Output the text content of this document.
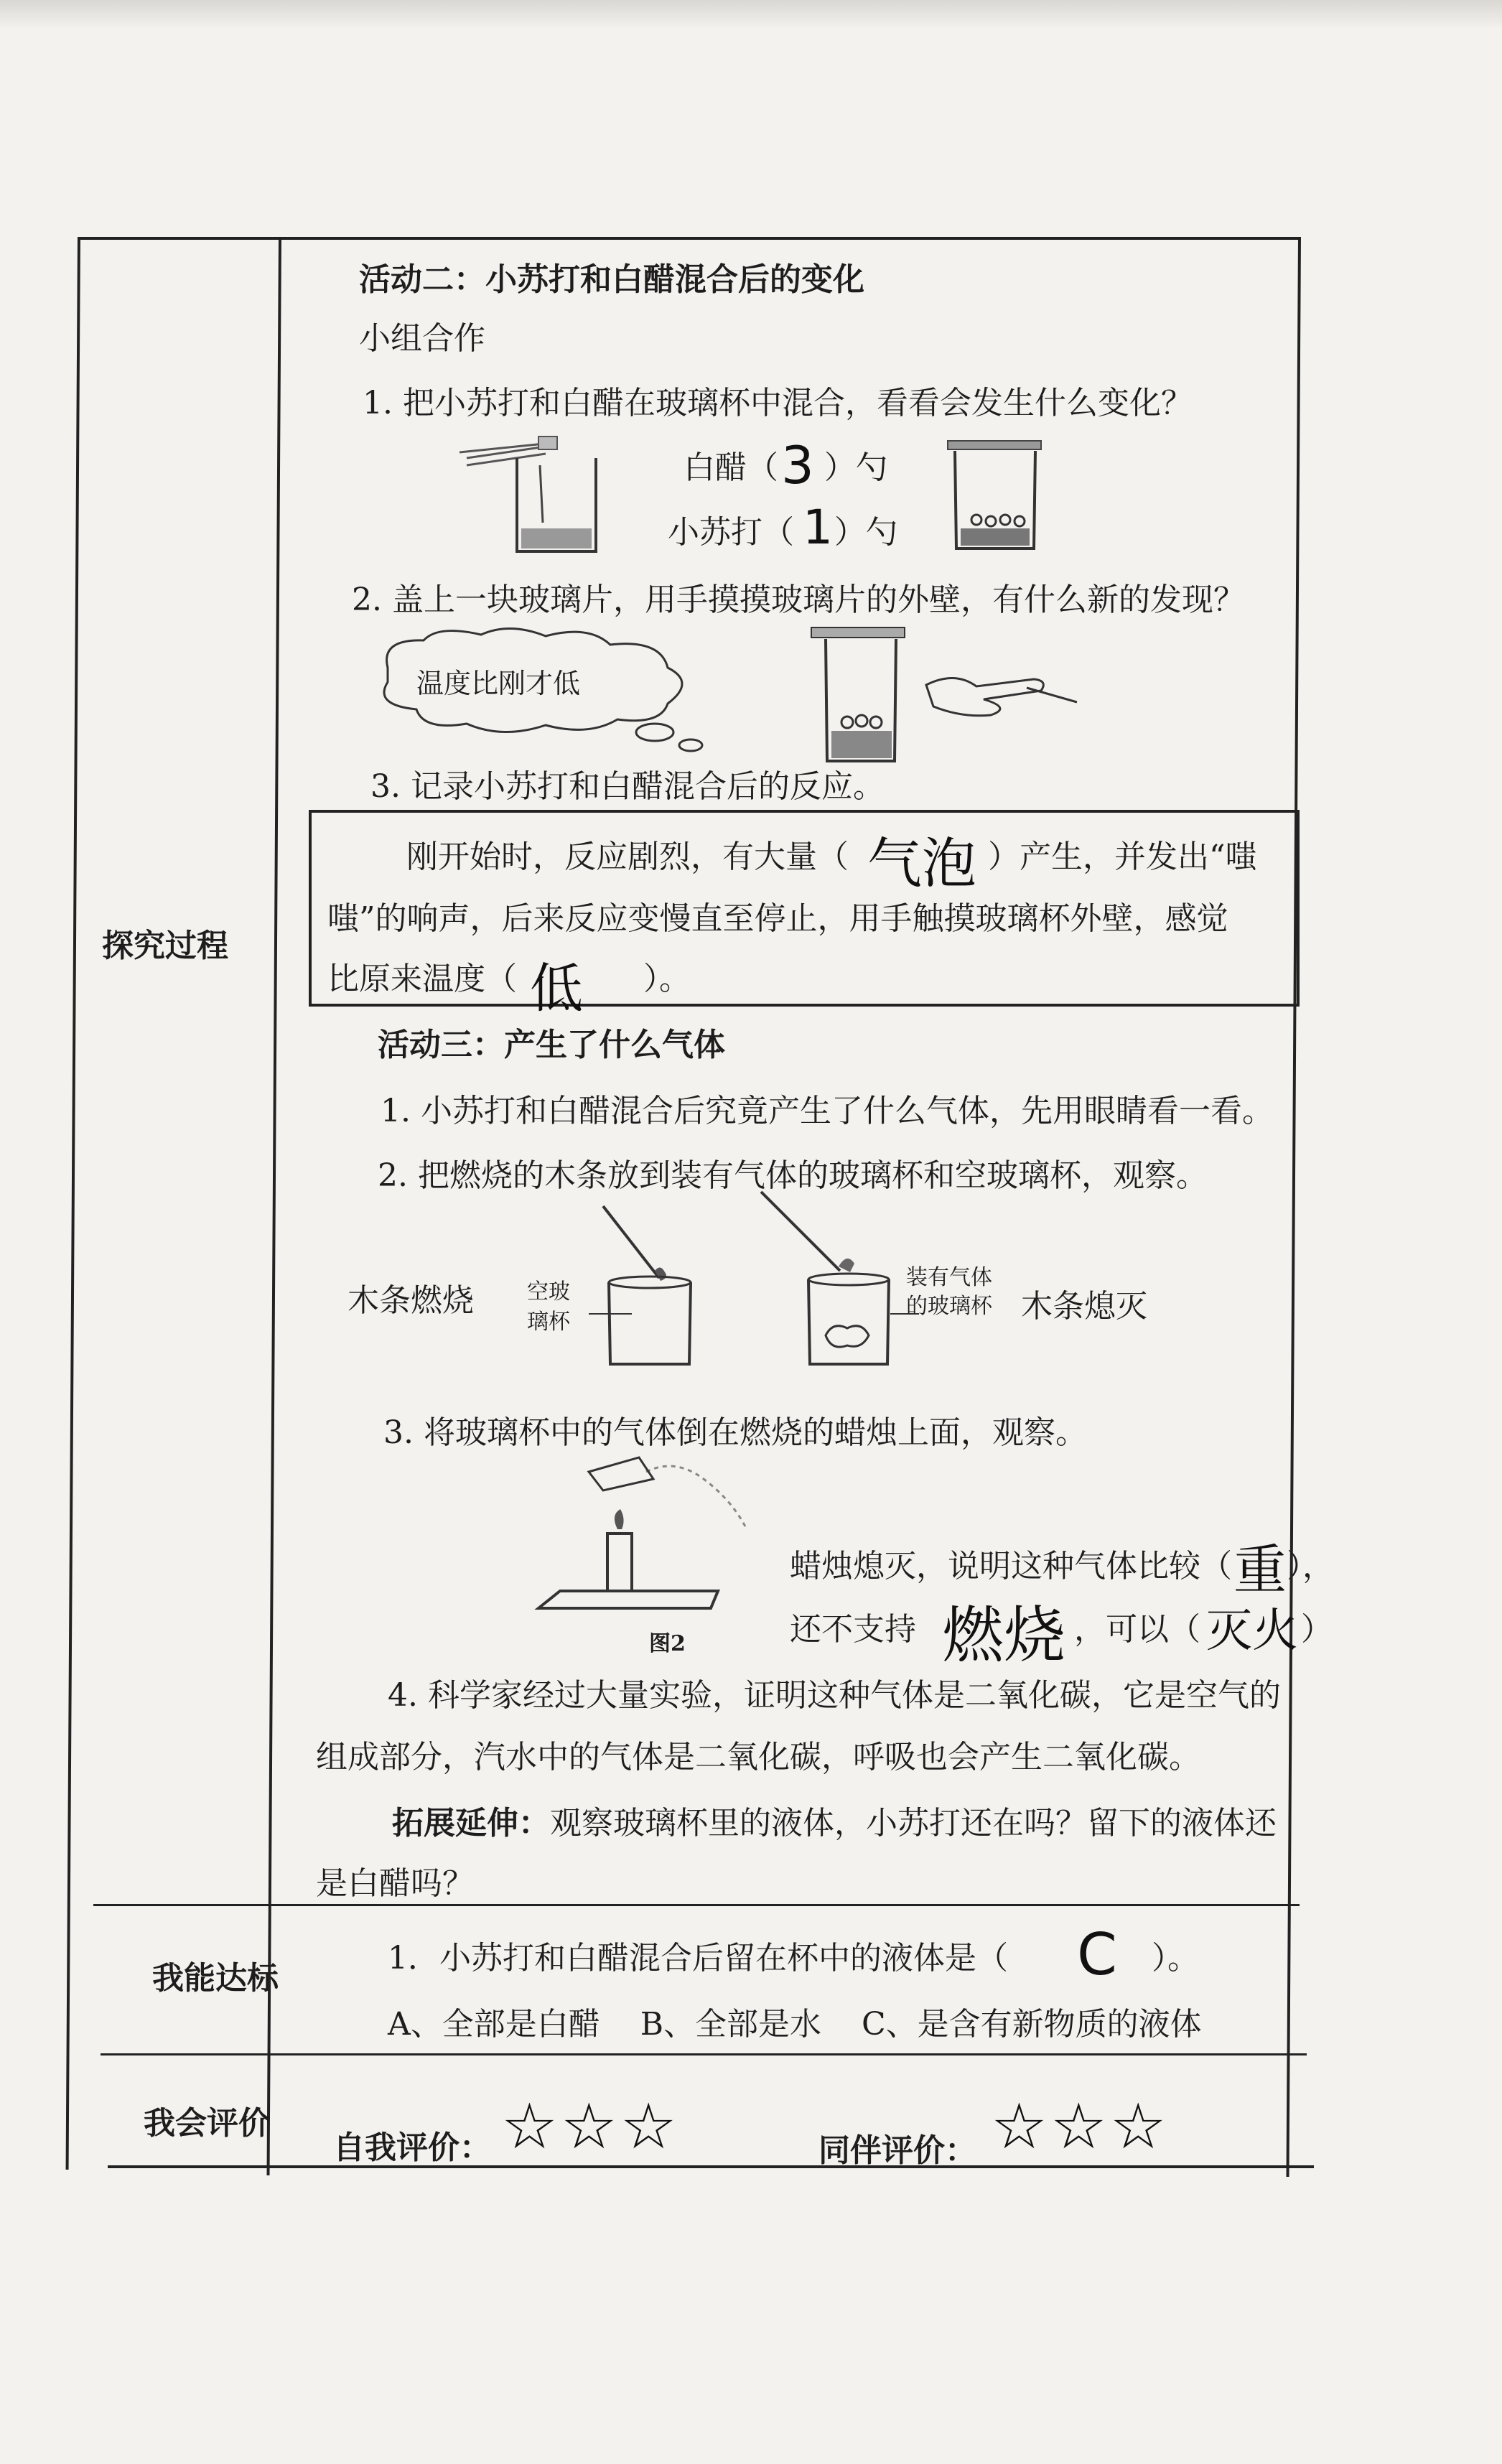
探究过程
我能达标
我会评价
活动二：小苏打和白醋混合后的变化
小组合作
1. 把小苏打和白醋在玻璃杯中混合，看看会发生什么变化？
白醋（ 3 ）勺
小苏打（ 1 ）勺
2. 盖上一块玻璃片，用手摸摸玻璃片的外壁，有什么新的发现？
温度比刚才低
3. 记录小苏打和白醋混合后的反应。
刚开始时，反应剧烈，有大量（ 气泡 ）产生，并发出“嗤
嗤”的响声，后来反应变慢直至停止，用手触摸玻璃杯外壁，感觉
比原来温度（ 低 ）。
活动三：产生了什么气体
1. 小苏打和白醋混合后究竟产生了什么气体，先用眼睛看一看。
2. 把燃烧的木条放到装有气体的玻璃杯和空玻璃杯，观察。
木条燃烧 空玻
璃杯
装有气体
的玻璃杯 木条熄灭
3. 将玻璃杯中的气体倒在燃烧的蜡烛上面，观察。
图2
蜡烛熄灭，说明这种气体比较（ 重 ），
还不支持 燃烧 ，可以（ 灭火 ）
4. 科学家经过大量实验，证明这种气体是二氧化碳，它是空气的
组成部分，汽水中的气体是二氧化碳，呼吸也会产生二氧化碳。
拓展延伸： 观察玻璃杯里的液体，小苏打还在吗？留下的液体还
是白醋吗？
1．小苏打和白醋混合后留在杯中的液体是（ C ）。
A、全部是白醋    B、全部是水    C、是含有新物质的液体
自我评价： ☆☆☆	同伴评价： ☆☆☆
